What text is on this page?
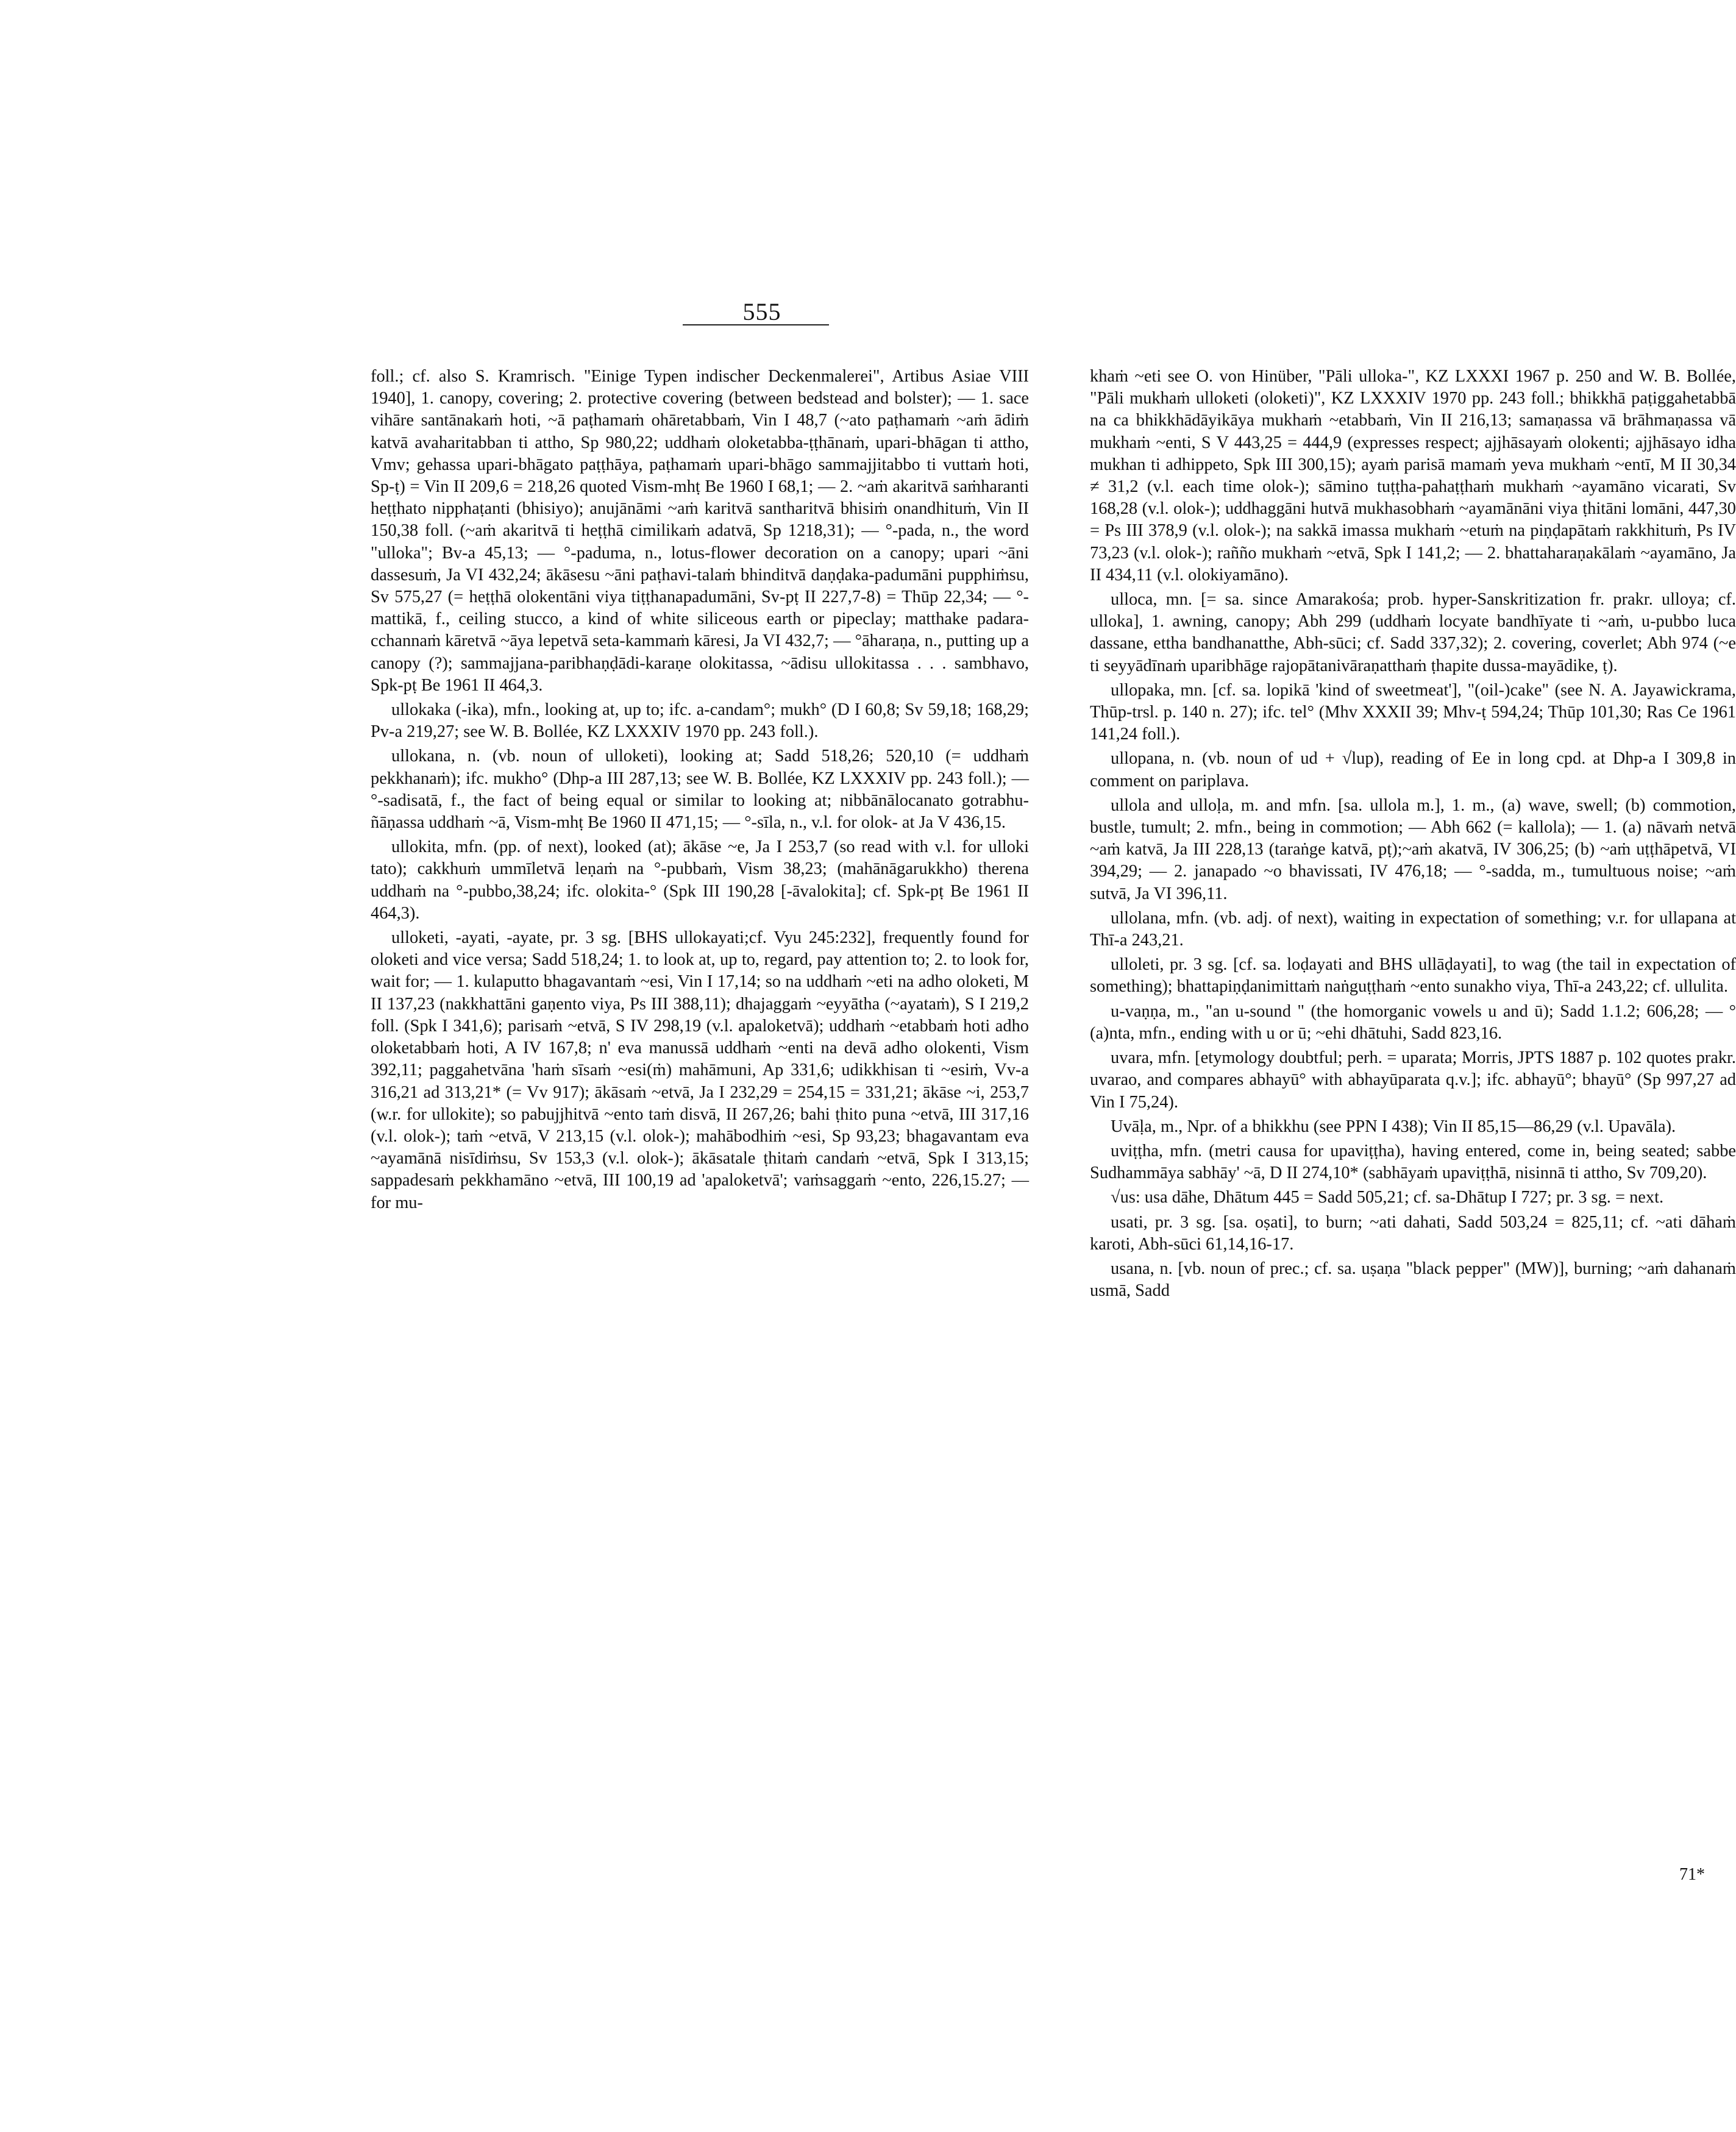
555

foll.; cf. also S. Kramrisch. "Einige Typen indischer Deckenmalerei", Artibus Asiae VIII 1940], 1. canopy, covering; 2. protective covering (between bedstead and bolster); — 1. sace vihāre santānakaṁ hoti, ~ā paṭhamaṁ ohāretabbaṁ, Vin I 48,7 (~ato paṭhamaṁ ~aṁ ādiṁ katvā avaharitabban ti attho, Sp 980,22; uddhaṁ oloketabba-ṭṭhānaṁ, upari-bhāgan ti attho, Vmv; gehassa upari-bhāgato paṭṭhāya, paṭhamaṁ upari-bhāgo sammajjitabbo ti vuttaṁ hoti, Sp-ṭ) = Vin II 209,6 = 218,26 quoted Vism-mhṭ Be 1960 I 68,1; — 2. ~aṁ akaritvā saṁharanti heṭṭhato nipphaṭanti (bhisiyo); anujānāmi ~aṁ karitvā santharitvā bhisiṁ onandhituṁ, Vin II 150,38 foll. (~aṁ akaritvā ti heṭṭhā cimilikaṁ adatvā, Sp 1218,31); — °-pada, n., the word "ulloka"; Bv-a 45,13; — °-paduma, n., lotus-flower decoration on a canopy; upari ~āni dassesuṁ, Ja VI 432,24; ākāsesu ~āni paṭhavi-talaṁ bhinditvā daṇḍaka-padumāni pupphiṁsu, Sv 575,27 (= heṭṭhā olokentāni viya tiṭṭhanapadumāni, Sv-pṭ II 227,7-8) = Thūp 22,34; — °-mattikā, f., ceiling stucco, a kind of white siliceous earth or pipeclay; matthake padara-cchannaṁ kāretvā ~āya lepetvā seta-kammaṁ kāresi, Ja VI 432,7; — °āharaṇa, n., putting up a canopy (?); sammajjana-paribhaṇḍādi-karaṇe olokitassa, ~ādisu ullokitassa . . . sambhavo, Spk-pṭ Be 1961 II 464,3.

ullokaka (-ika), mfn., looking at, up to; ifc. a-candam°; mukh° (D I 60,8; Sv 59,18; 168,29; Pv-a 219,27; see W. B. Bollée, KZ LXXXIV 1970 pp. 243 foll.).

ullokana, n. (vb. noun of ulloketi), looking at; Sadd 518,26; 520,10 (= uddhaṁ pekkhanaṁ); ifc. mukho° (Dhp-a III 287,13; see W. B. Bollée, KZ LXXXIV pp. 243 foll.); — °-sadisatā, f., the fact of being equal or similar to looking at; nibbānālocanato gotrabhu-ñāṇassa uddhaṁ ~ā, Vism-mhṭ Be 1960 II 471,15; — °-sīla, n., v.l. for olok- at Ja V 436,15.

ullokita, mfn. (pp. of next), looked (at); ākāse ~e, Ja I 253,7 (so read with v.l. for ulloki tato); cakkhuṁ ummīletvā leṇaṁ na °-pubbaṁ, Vism 38,23; (mahānāgarukkho) therena uddhaṁ na °-pubbo,38,24; ifc. olokita-° (Spk III 190,28 [-āvalokita]; cf. Spk-pṭ Be 1961 II 464,3).

ulloketi, -ayati, -ayate, pr. 3 sg. [BHS ullokayati;cf. Vyu 245:232], frequently found for oloketi and vice versa; Sadd 518,24; 1. to look at, up to, regard, pay attention to; 2. to look for, wait for; — 1. kulaputto bhagavantaṁ ~esi, Vin I 17,14; so na uddhaṁ ~eti na adho oloketi, M II 137,23 (nakkhattāni gaṇento viya, Ps III 388,11); dhajaggaṁ ~eyyātha (~ayataṁ), S I 219,2 foll. (Spk I 341,6); parisaṁ ~etvā, S IV 298,19 (v.l. apaloketvā); uddhaṁ ~etabbaṁ hoti adho oloketabbaṁ hoti, A IV 167,8; n' eva manussā uddhaṁ ~enti na devā adho olokenti, Vism 392,11; paggahetvāna 'haṁ sīsaṁ ~esi(ṁ) mahāmuni, Ap 331,6; udikkhisan ti ~esiṁ, Vv-a 316,21 ad 313,21* (= Vv 917); ākāsaṁ ~etvā, Ja I 232,29 = 254,15 = 331,21; ākāse ~i, 253,7 (w.r. for ullokite); so pabujjhitvā ~ento taṁ disvā, II 267,26; bahi ṭhito puna ~etvā, III 317,16 (v.l. olok-); taṁ ~etvā, V 213,15 (v.l. olok-); mahābodhiṁ ~esi, Sp 93,23; bhagavantam eva ~ayamānā nisīdiṁsu, Sv 153,3 (v.l. olok-); ākāsatale ṭhitaṁ candaṁ ~etvā, Spk I 313,15; sappadesaṁ pekkhamāno ~etvā, III 100,19 ad 'apaloketvā'; vaṁsaggaṁ ~ento, 226,15.27; — for mu-

khaṁ ~eti see O. von Hinüber, "Pāli ulloka-", KZ LXXXI 1967 p. 250 and W. B. Bollée, "Pāli mukhaṁ ulloketi (oloketi)", KZ LXXXIV 1970 pp. 243 foll.; bhikkhā paṭiggahetabbā na ca bhikkhādāyikāya mukhaṁ ~etabbaṁ, Vin II 216,13; samaṇassa vā brāhmaṇassa vā mukhaṁ ~enti, S V 443,25 = 444,9 (expresses respect; ajjhāsayaṁ olokenti; ajjhāsayo idha mukhan ti adhippeto, Spk III 300,15); ayaṁ parisā mamaṁ yeva mukhaṁ ~entī, M II 30,34 ≠ 31,2 (v.l. each time olok-); sāmino tuṭṭha-pahaṭṭhaṁ mukhaṁ ~ayamāno vicarati, Sv 168,28 (v.l. olok-); uddhaggāni hutvā mukhasobhaṁ ~ayamānāni viya ṭhitāni lomāni, 447,30 = Ps III 378,9 (v.l. olok-); na sakkā imassa mukhaṁ ~etuṁ na piṇḍapātaṁ rakkhituṁ, Ps IV 73,23 (v.l. olok-); rañño mukhaṁ ~etvā, Spk I 141,2; — 2. bhattaharaṇakālaṁ ~ayamāno, Ja II 434,11 (v.l. olokiyamāno).

ulloca, mn. [= sa. since Amarakośa; prob. hyper-Sanskritization fr. prakr. ulloya; cf. ulloka], 1. awning, canopy; Abh 299 (uddhaṁ locyate bandhīyate ti ~aṁ, u-pubbo luca dassane, ettha bandhanatthe, Abh-sūci; cf. Sadd 337,32); 2. covering, coverlet; Abh 974 (~e ti seyyādīnaṁ uparibhāge rajopātanivāraṇatthaṁ ṭhapite dussa-mayādike, ṭ).

ullopaka, mn. [cf. sa. lopikā 'kind of sweetmeat'], "(oil-)cake" (see N. A. Jayawickrama, Thūp-trsl. p. 140 n. 27); ifc. tel° (Mhv XXXII 39; Mhv-ṭ 594,24; Thūp 101,30; Ras Ce 1961 141,24 foll.).

ullopana, n. (vb. noun of ud + √lup), reading of Ee in long cpd. at Dhp-a I 309,8 in comment on pariplava.

ullola and ulloḷa, m. and mfn. [sa. ullola m.], 1. m., (a) wave, swell; (b) commotion, bustle, tumult; 2. mfn., being in commotion; — Abh 662 (= kallola); — 1. (a) nāvaṁ netvā ~aṁ katvā, Ja III 228,13 (taraṅge katvā, pṭ);~aṁ akatvā, IV 306,25; (b) ~aṁ uṭṭhāpetvā, VI 394,29; — 2. janapado ~o bhavissati, IV 476,18; — °-sadda, m., tumultuous noise; ~aṁ sutvā, Ja VI 396,11.

ullolana, mfn. (vb. adj. of next), waiting in expectation of something; v.r. for ullapana at Thī-a 243,21.

ulloleti, pr. 3 sg. [cf. sa. loḍayati and BHS ullāḍayati], to wag (the tail in expectation of something); bhattapiṇḍanimittaṁ naṅguṭṭhaṁ ~ento sunakho viya, Thī-a 243,22; cf. ullulita.

u-vaṇṇa, m., "an u-sound " (the homorganic vowels u and ū); Sadd 1.1.2; 606,28; — °(a)nta, mfn., ending with u or ū; ~ehi dhātuhi, Sadd 823,16.

uvara, mfn. [etymology doubtful; perh. = uparata; Morris, JPTS 1887 p. 102 quotes prakr. uvarao, and compares abhayū° with abhayūparata q.v.]; ifc. abhayū°; bhayū° (Sp 997,27 ad Vin I 75,24).

Uvāḷa, m., Npr. of a bhikkhu (see PPN I 438); Vin II 85,15—86,29 (v.l. Upavāla).

uviṭṭha, mfn. (metri causa for upaviṭṭha), having entered, come in, being seated; sabbe Sudhammāya sabhāy' ~ā, D II 274,10* (sabhāyaṁ upaviṭṭhā, nisinnā ti attho, Sv 709,20).

√us: usa dāhe, Dhātum 445 = Sadd 505,21; cf. sa-Dhātup I 727; pr. 3 sg. = next.

usati, pr. 3 sg. [sa. oṣati], to burn; ~ati dahati, Sadd 503,24 = 825,11; cf. ~ati dāhaṁ karoti, Abh-sūci 61,14,16-17.

usana, n. [vb. noun of prec.; cf. sa. uṣaṇa "black pepper" (MW)], burning; ~aṁ dahanaṁ usmā, Sadd

71*
